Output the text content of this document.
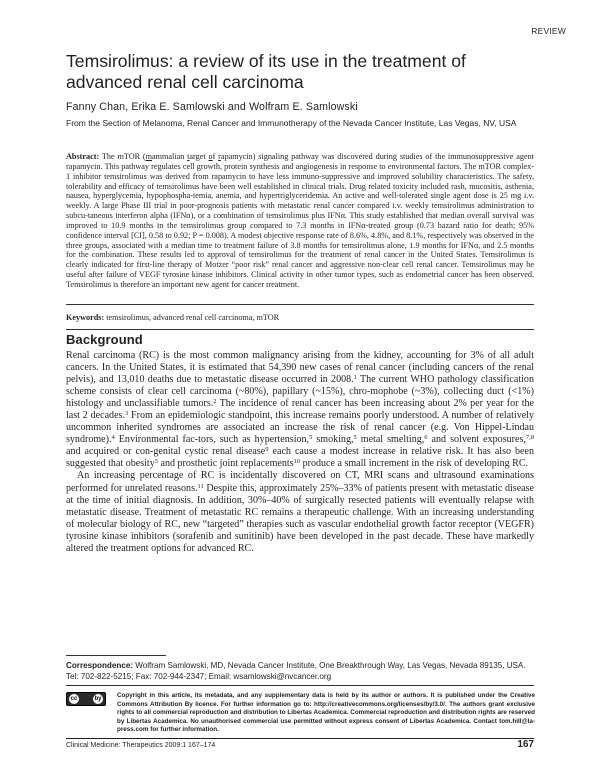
REVIEW
Temsirolimus: a review of its use in the treatment of advanced renal cell carcinoma
Fanny Chan, Erika E. Samlowski and Wolfram E. Samlowski
From the Section of Melanoma, Renal Cancer and Immunotherapy of the Nevada Cancer Institute, Las Vegas, NV, USA
Abstract: The mTOR (mammalian target of rapamycin) signaling pathway was discovered during studies of the immunosuppressive agent rapamycin. This pathway regulates cell growth, protein synthesis and angiogenesis in response to environmental factors. The mTOR complex-1 inhibitor temsirolimus was derived from rapamycin to have less immuno-suppressive and improved solubility characteristics. The safety, tolerability and efficacy of temsirolimus have been well established in clinical trials. Drug related toxicity included rash, mucositis, asthenia, nausea, hyperglycemia, hypophospha-temia, anemia, and hypertriglyceridemia. An active and well-tolerated single agent dose is 25 mg i.v. weekly. A large Phase III trial in poor-prognosis patients with metastatic renal cancer compared i.v. weekly temsirolimus administration to subcu-taneous interferon alpha (IFNα), or a combination of temsirolimus plus IFNα. This study established that median overall survival was improved to 10.9 months in the temsirolimus group compared to 7.3 months in IFNα-treated group (0.73 hazard ratio for death; 95% confidence interval [CI], 0.58 to 0.92; P = 0.008). A modest objective response rate of 8.6%, 4.8%, and 8.1%, respectively was observed in the three groups, associated with a median time to treatment failure of 3.8 months for temsirolimus alone, 1.9 months for IFNα, and 2.5 months for the combination. These results led to approval of temsirolimus for the treatment of renal cancer in the United States. Temsirolimus is clearly indicated for first-line therapy of Motzer “poor risk” renal cancer and aggressive non-clear cell renal cancer. Temsirolimus may be useful after failure of VEGF tyrosine kinase inhibitors. Clinical activity in other tumor types, such as endometrial cancer has been observed. Temsirolimus is therefore an important new agent for cancer treatment.
Keywords: temsirolimus, advanced renal cell carcinoma, mTOR
Background

Renal carcinoma (RC) is the most common malignancy arising from the kidney, accounting for 3% of all adult cancers. In the United States, it is estimated that 54,390 new cases of renal cancer (including cancers of the renal pelvis), and 13,010 deaths due to metastatic disease occurred in 2008.$^1$ The current WHO pathology classification scheme consists of clear cell carcinoma (~80%), papillary (~15%), chro-mophobe (~3%), collecting duct (<1%) histology and unclassifiable tumors.$^2$ The incidence of renal cancer has been increasing about 2% per year for the last 2 decades.$^3$ From an epidemiologic standpoint, this increase remains poorly understood. A number of relatively uncommon inherited syndromes are associated an increase the risk of renal cancer (e.g. Von Hippel-Lindau syndrome).$^4$ Environmental fac-tors, such as hypertension,$^5$ smoking,$^5$ metal smelting,$^6$ and solvent exposures,$^{7,8}$ and acquired or con-genital cystic renal disease$^9$ each cause a modest increase in relative risk. It has also been suggested that obesity$^5$ and prosthetic joint replacements$^{10}$ produce a small increment in the risk of developing RC.

An increasing percentage of RC is incidentally discovered on CT, MRI scans and ultrasound examinations performed for unrelated reasons.$^{11}$ Despite this, approximately 25%–33% of patients present with metastatic disease at the time of initial diagnosis. In addition, 30%–40% of surgically resected patients will eventually relapse with metastatic disease. Treatment of metastatic RC remains a therapeutic challenge. With an increasing understanding of molecular biology of RC, new “targeted” therapies such as vascular endothelial growth factor receptor (VEGFR) tyrosine kinase inhibitors (sorafenib and sunitinib) have been developed in the past decade. These have markedly altered the treatment options for advanced RC.

Correspondence: Wolfram Samlowski, MD, Nevada Cancer Institute, One Breakthrough Way, Las Vegas, Nevada 89135, USA. Tel: 702-822-5215; Fax: 702-944-2347; Email: wsamlowski@nvcancer.org
cc	by Copyright in this article, its metadata, and any supplementary data is held by its author or authors. It is published under the Creative Commons Attribution By licence. For further information go to: http://creativecommons.org/licenses/by/3.0/. The authors grant exclusive rights to all commercial reproduction and distribution to Libertas Academica. Commercial reproduction and distribution rights are reserved by Libertas Academica. No unauthorised commercial use permitted without express consent of Libertas Academica. Contact tom.hill@la-press.com for further information.
Clinical Medicine: Therapeutics 2009:1 167–174	167
